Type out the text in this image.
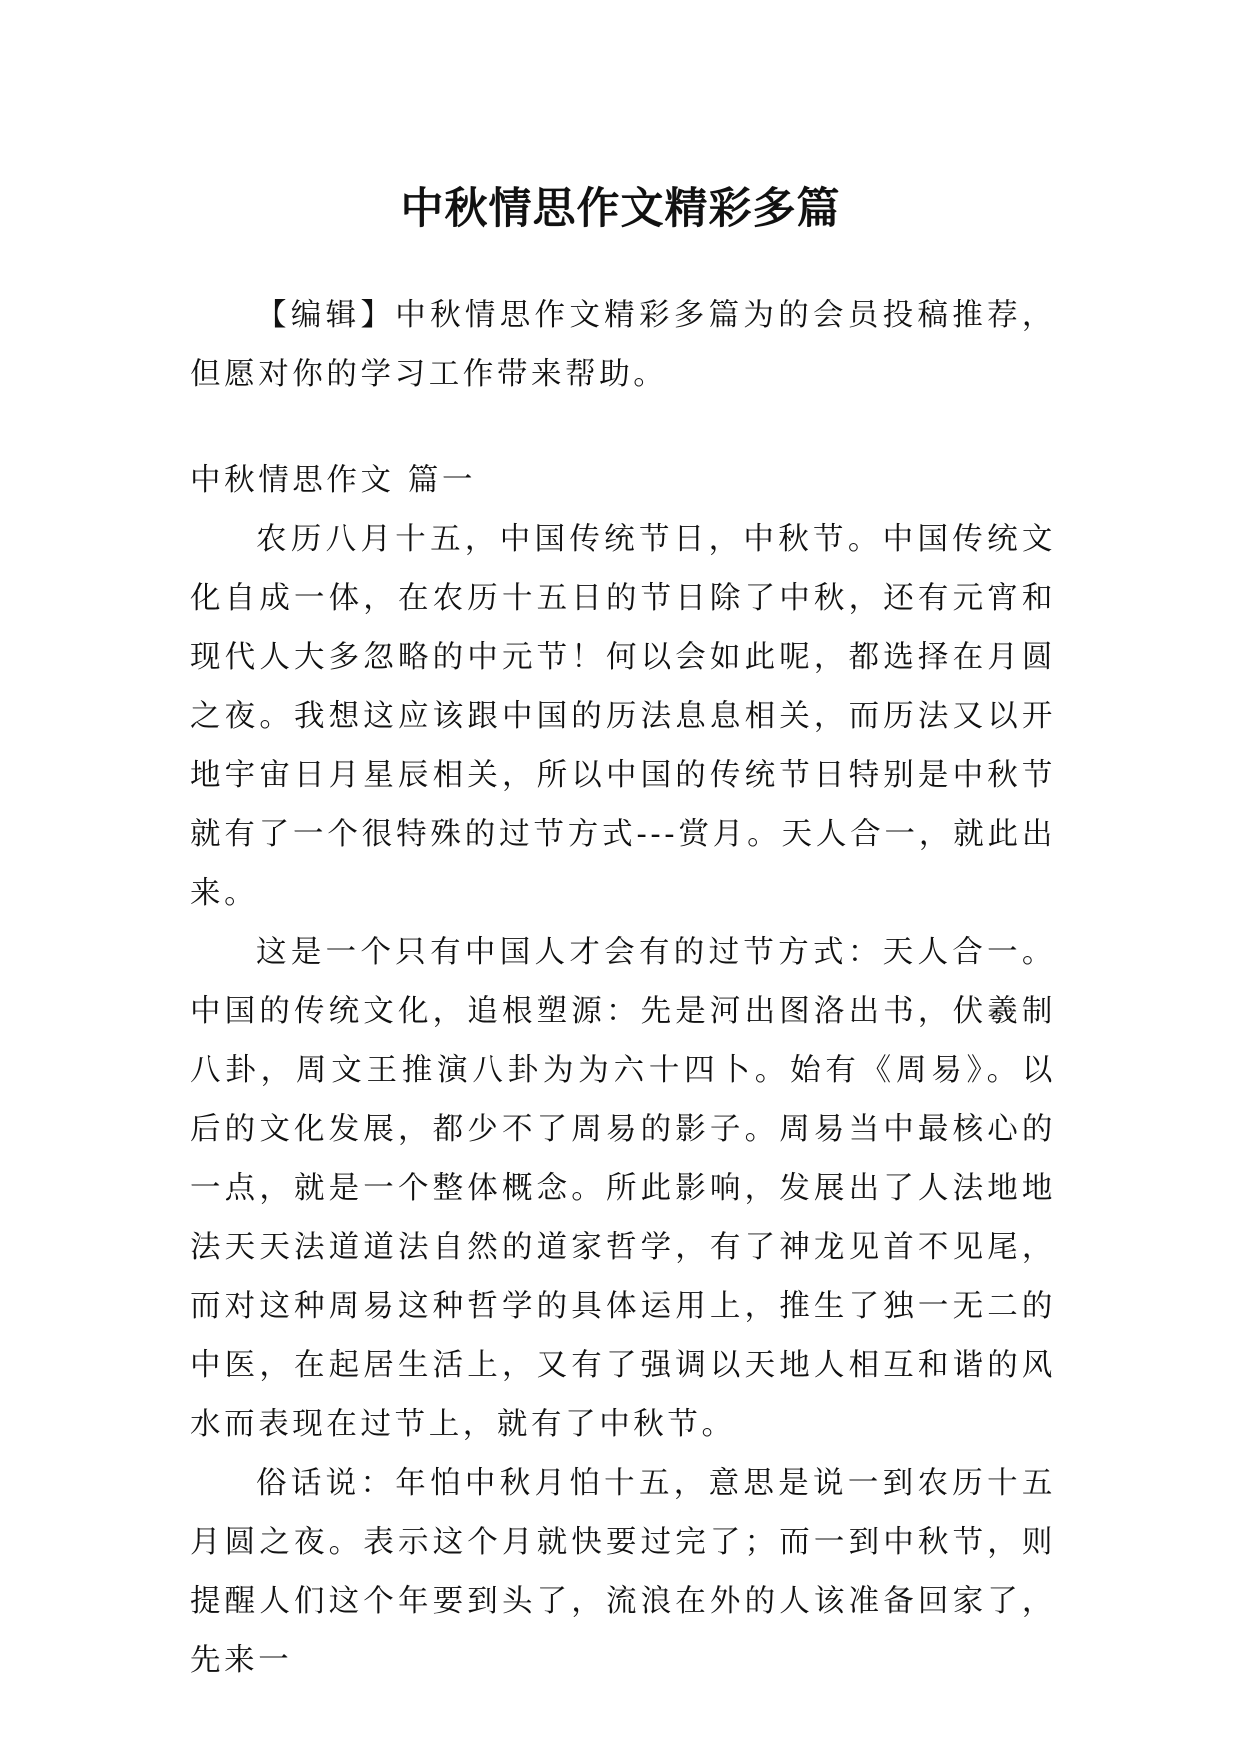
中秋情思作文精彩多篇

【编辑】中秋情思作文精彩多篇为的会员投稿推荐，但愿对你的学习工作带来帮助。

中秋情思作文 篇一

农历八月十五，中国传统节日，中秋节。中国传统文化自成一体，在农历十五日的节日除了中秋，还有元宵和现代人大多忽略的中元节！何以会如此呢，都选择在月圆之夜。我想这应该跟中国的历法息息相关，而历法又以开地宇宙日月星辰相关，所以中国的传统节日特别是中秋节就有了一个很特殊的过节方式---赏月。天人合一，就此出来。

这是一个只有中国人才会有的过节方式：天人合一。中国的传统文化，追根塑源：先是河出图洛出书，伏羲制八卦，周文王推演八卦为为六十四卜。始有《周易》。以后的文化发展，都少不了周易的影子。周易当中最核心的一点，就是一个整体概念。所此影响，发展出了人法地地法天天法道道法自然的道家哲学，有了神龙见首不见尾，而对这种周易这种哲学的具体运用上，推生了独一无二的中医，在起居生活上，又有了强调以天地人相互和谐的风水而表现在过节上，就有了中秋节。

俗话说：年怕中秋月怕十五，意思是说一到农历十五月圆之夜。表示这个月就快要过完了；而一到中秋节，则提醒人们这个年要到头了，流浪在外的人该准备回家了，先来一
